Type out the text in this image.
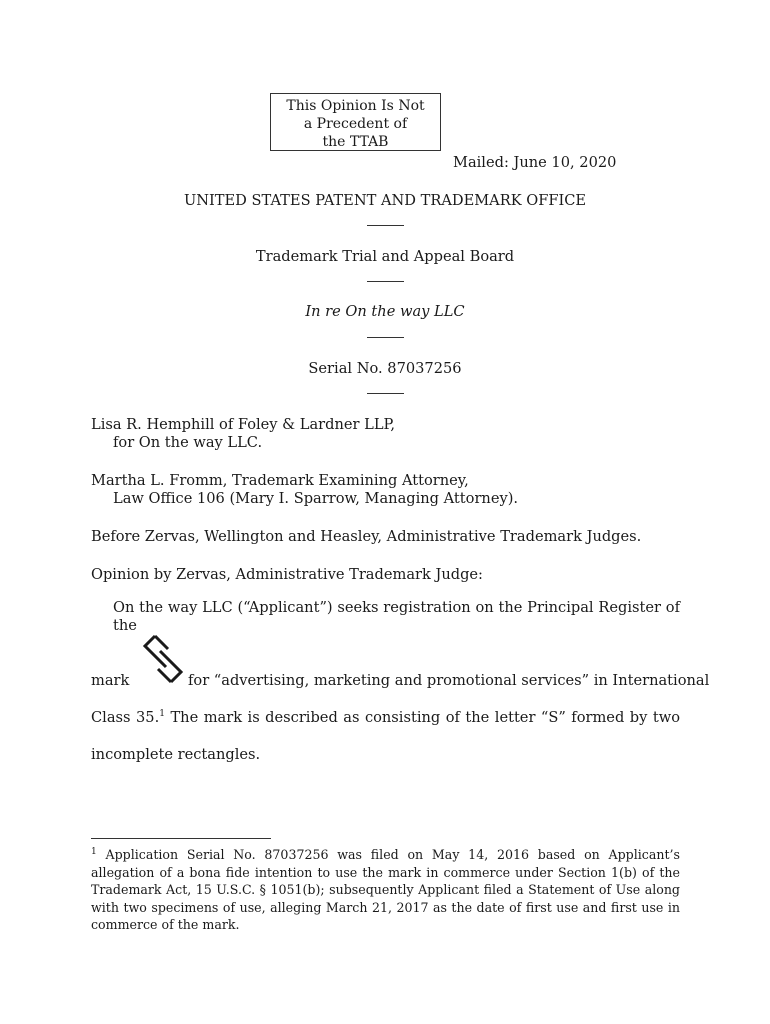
This Opinion Is Not
a Precedent of
the TTAB
Mailed: June 10, 2020
UNITED STATES PATENT AND TRADEMARK OFFICE
Trademark Trial and Appeal Board
In re On the way LLC
Serial No. 87037256
Lisa R. Hemphill of Foley & Lardner LLP,
for On the way LLC.
Martha L. Fromm, Trademark Examining Attorney,
Law Office 106 (Mary I. Sparrow, Managing Attorney).
Before Zervas, Wellington and Heasley, Administrative Trademark Judges.
Opinion by Zervas, Administrative Trademark Judge:
On the way LLC (“Applicant”) seeks registration on the Principal Register of the
mark	for “advertising, marketing and promotional services” in International
Class 35.$^1$ The mark is described as consisting of the letter “S” formed by two
incomplete rectangles.
$^1$ Application Serial No. 87037256 was filed on May 14, 2016 based on Applicant’s allegation of a bona fide intention to use the mark in commerce under Section 1(b) of the Trademark Act, 15 U.S.C. § 1051(b); subsequently Applicant filed a Statement of Use along with two specimens of use, alleging March 21, 2017 as the date of first use and first use in commerce of the mark.
